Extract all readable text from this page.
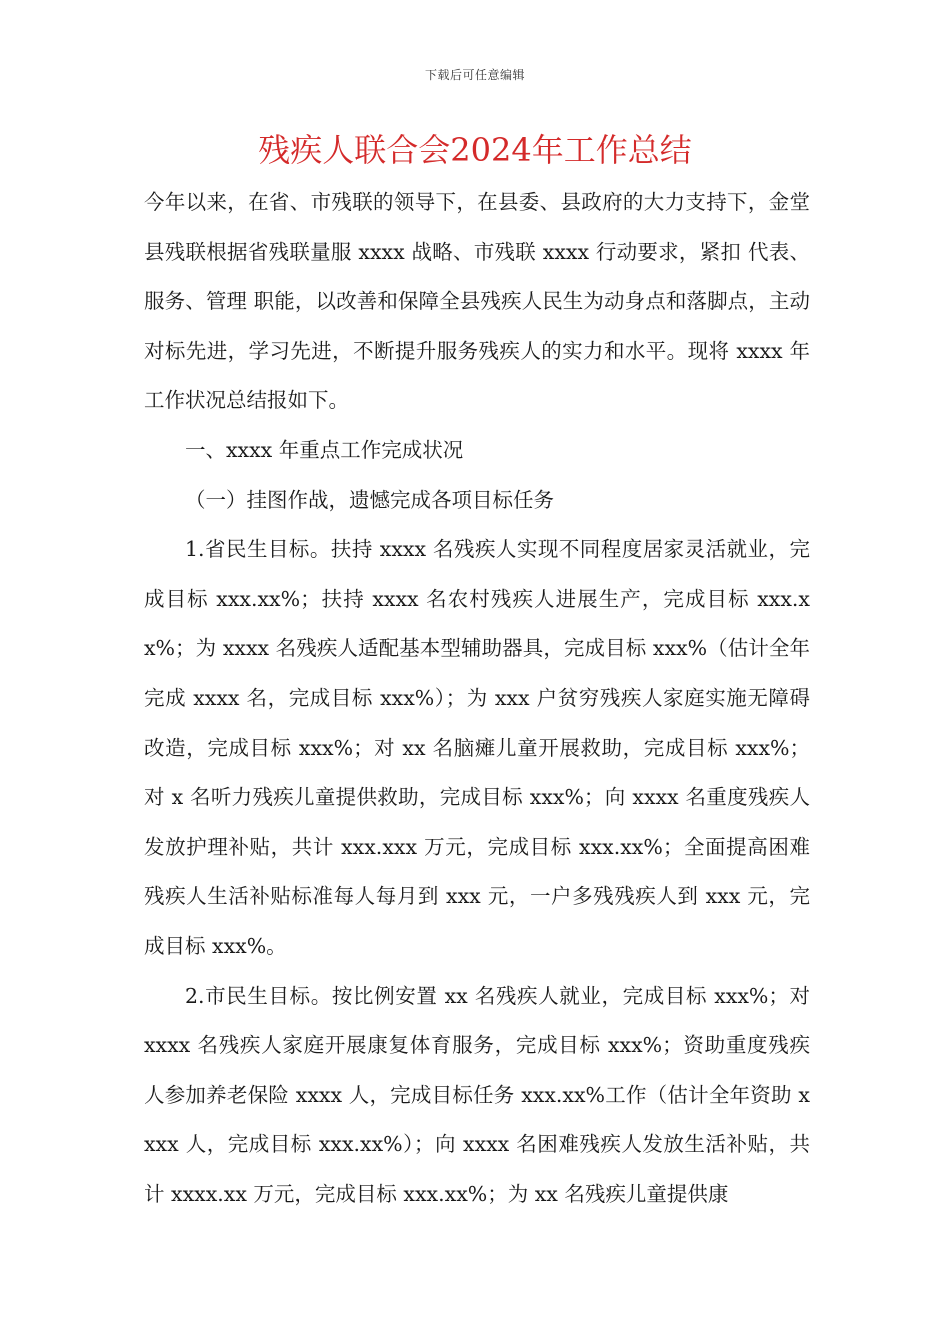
下载后可任意编辑
残疾人联合会2024年工作总结

今年以来，在省、市残联的领导下，在县委、县政府的大力支持下，金堂县残联根据省残联量服 xxxx 战略、市残联 xxxx 行动要求，紧扣 代表、服务、管理 职能，以改善和保障全县残疾人民生为动身点和落脚点，主动对标先进，学习先进，不断提升服务残疾人的实力和水平。现将 xxxx 年工作状况总结报如下。

一、xxxx 年重点工作完成状况

（一）挂图作战，遗憾完成各项目标任务

1.省民生目标。扶持 xxxx 名残疾人实现不同程度居家灵活就业，完成目标 xxx.xx%；扶持 xxxx 名农村残疾人进展生产，完成目标 xxx.xx%；为 xxxx 名残疾人适配基本型辅助器具，完成目标 xxx%（估计全年完成 xxxx 名，完成目标 xxx%）；为 xxx 户贫穷残疾人家庭实施无障碍改造，完成目标 xxx%；对 xx 名脑瘫儿童开展救助，完成目标 xxx%；对 x 名听力残疾儿童提供救助，完成目标 xxx%；向 xxxx 名重度残疾人发放护理补贴，共计 xxx.xxx 万元，完成目标 xxx.xx%；全面提高困难残疾人生活补贴标准每人每月到 xxx 元，一户多残残疾人到 xxx 元，完成目标 xxx%。

2.市民生目标。按比例安置 xx 名残疾人就业，完成目标 xxx%；对 xxxx 名残疾人家庭开展康复体育服务，完成目标 xxx%；资助重度残疾人参加养老保险 xxxx 人，完成目标任务 xxx.xx%工作（估计全年资助 xxxx 人，完成目标 xxx.xx%）；向 xxxx 名困难残疾人发放生活补贴，共计 xxxx.xx 万元，完成目标 xxx.xx%；为 xx 名残疾儿童提供康
